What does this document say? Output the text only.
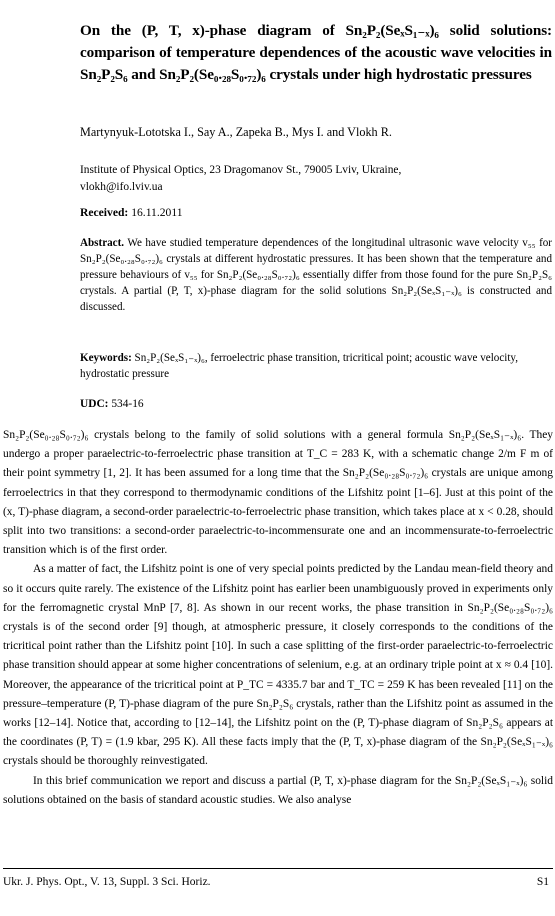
On the (P, T, x)-phase diagram of Sn₂P₂(SeₓS₁₋ₓ)₆ solid solutions: comparison of temperature dependences of the acoustic wave velocities in Sn₂P₂S₆ and Sn₂P₂(Se₀.₂₈S₀.₇₂)₆ crystals under high hydrostatic pressures
Martynyuk-Lototska I., Say A., Zapeka B., Mys I. and Vlokh R.
Institute of Physical Optics, 23 Dragomanov St., 79005 Lviv, Ukraine,
vlokh@ifo.lviv.ua
Received: 16.11.2011
Abstract. We have studied temperature dependences of the longitudinal ultrasonic wave velocity v₅₅ for Sn₂P₂(Se₀.₂₈S₀.₇₂)₆ crystals at different hydrostatic pressures. It has been shown that the temperature and pressure behaviours of v₅₅ for Sn₂P₂(Se₀.₂₈S₀.₇₂)₆ essentially differ from those found for the pure Sn₂P₂S₆ crystals. A partial (P, T, x)-phase diagram for the solid solutions Sn₂P₂(SeₓS₁₋ₓ)₆ is constructed and discussed.
Keywords: Sn₂P₂(SeₓS₁₋ₓ)₆, ferroelectric phase transition, tricritical point; acoustic wave velocity, hydrostatic pressure
UDC: 534-16

Sn₂P₂(Se₀.₂₈S₀.₇₂)₆ crystals belong to the family of solid solutions with a general formula Sn₂P₂(SeₓS₁₋ₓ)₆. They undergo a proper paraelectric-to-ferroelectric phase transition at T_C = 283 K, with a schematic change 2/m F m of their point symmetry [1, 2]. It has been assumed for a long time that the Sn₂P₂(Se₀.₂₈S₀.₇₂)₆ crystals are unique among ferroelectrics in that they correspond to thermodynamic conditions of the Lifshitz point [1–6]. Just at this point of the (x, T)-phase diagram, a second-order paraelectric-to-ferroelectric phase transition, which takes place at x < 0.28, should split into two transitions: a second-order paraelectric-to-incommensurate one and an incommensurate-to-ferroelectric transition which is of the first order.

As a matter of fact, the Lifshitz point is one of very special points predicted by the Landau mean-field theory and so it occurs quite rarely. The existence of the Lifshitz point has earlier been unambiguously proved in experiments only for the ferromagnetic crystal MnP [7, 8]. As shown in our recent works, the phase transition in Sn₂P₂(Se₀.₂₈S₀.₇₂)₆ crystals is of the second order [9] though, at atmospheric pressure, it closely corresponds to the conditions of the tricritical point rather than the Lifshitz point [10]. In such a case splitting of the first-order paraelectric-to-ferroelectric phase transition should appear at some higher concentrations of selenium, e.g. at an ordinary triple point at x ≈ 0.4 [10]. Moreover, the appearance of the tricritical point at P_TC = 4335.7 bar and T_TC = 259 K has been revealed [11] on the pressure–temperature (P, T)-phase diagram of the pure Sn₂P₂S₆ crystals, rather than the Lifshitz point as assumed in the works [12–14]. Notice that, according to [12–14], the Lifshitz point on the (P, T)-phase diagram of Sn₂P₂S₆ appears at the coordinates (P, T) = (1.9 kbar, 295 K). All these facts imply that the (P, T, x)-phase diagram of the Sn₂P₂(SeₓS₁₋ₓ)₆ crystals should be thoroughly reinvestigated.

In this brief communication we report and discuss a partial (P, T, x)-phase diagram for the Sn₂P₂(SeₓS₁₋ₓ)₆ solid solutions obtained on the basis of standard acoustic studies. We also analyse

Ukr. J. Phys. Opt., V. 13, Suppl. 3 Sci. Horiz.	S1
